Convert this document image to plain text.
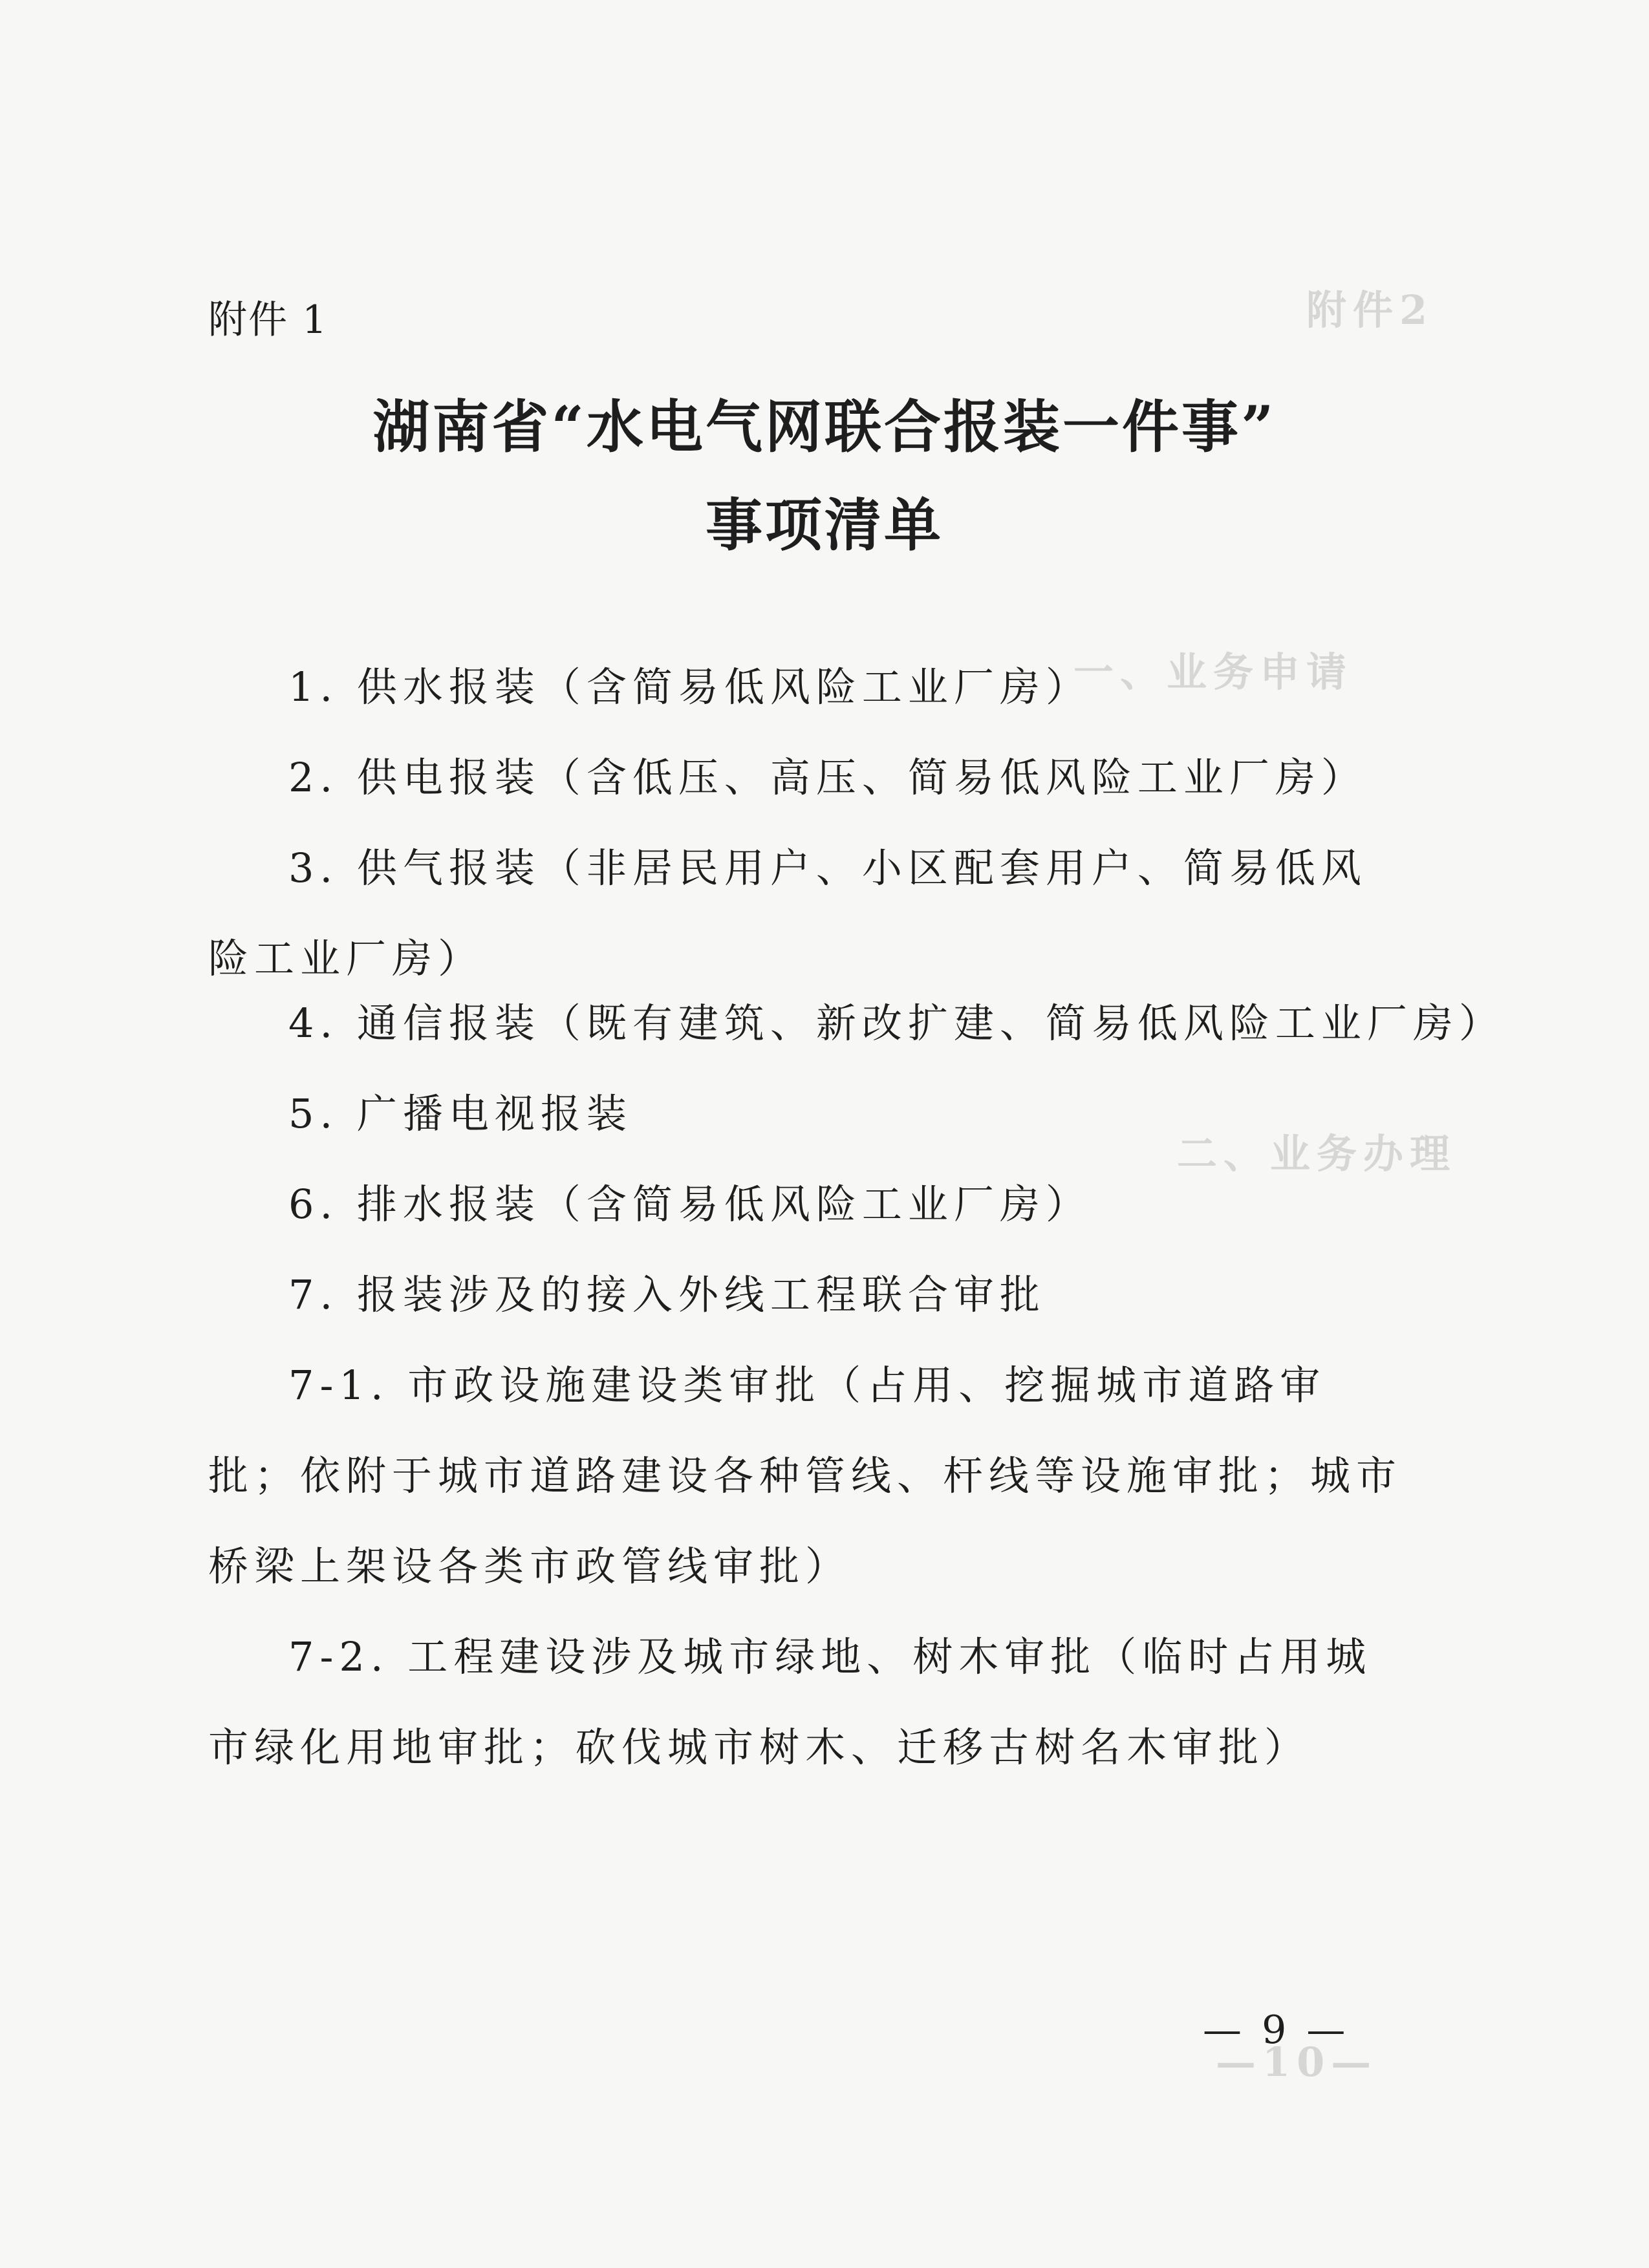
附件2
一、业务申请
二、业务办理
—10—
附件 1
湖南省“水电气网联合报装一件事”
事项清单
1. 供水报装（含简易低风险工业厂房）
2. 供电报装（含低压、高压、简易低风险工业厂房）
3. 供气报装（非居民用户、小区配套用户、简易低风险工业厂房）
4. 通信报装（既有建筑、新改扩建、简易低风险工业厂房）
5. 广播电视报装
6. 排水报装（含简易低风险工业厂房）
7. 报装涉及的接入外线工程联合审批
7-1. 市政设施建设类审批（占用、挖掘城市道路审批；依附于城市道路建设各种管线、杆线等设施审批；城市桥梁上架设各类市政管线审批）
7-2. 工程建设涉及城市绿地、树木审批（临时占用城市绿化用地审批；砍伐城市树木、迁移古树名木审批）
— 9 —
